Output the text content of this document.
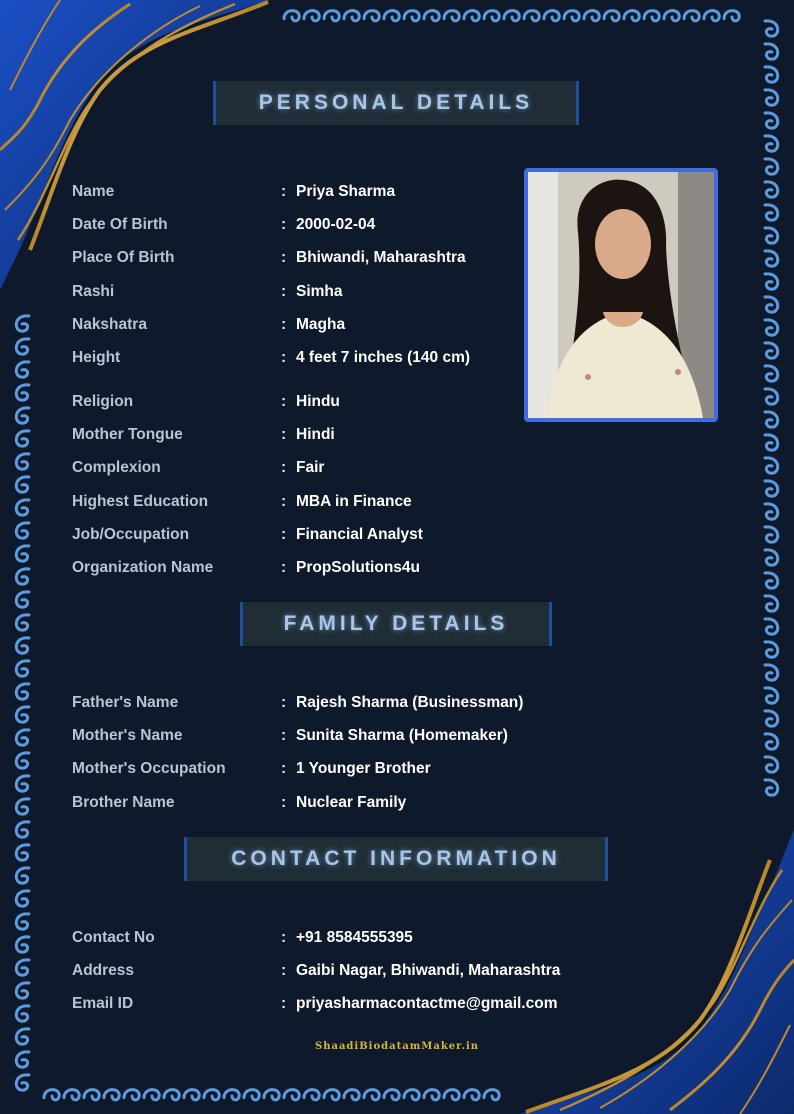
PERSONAL DETAILS
Name	: Priya Sharma
Date Of Birth	: 2000-02-04
Place Of Birth	: Bhiwandi, Maharashtra
Rashi	: Simha
Nakshatra	: Magha
Height	: 4 feet 7 inches (140 cm)
Religion	: Hindu
Mother Tongue	: Hindi
Complexion	: Fair
Highest Education	: MBA in Finance
Job/Occupation	: Financial Analyst
Organization Name	: PropSolutions4u
FAMILY DETAILS
Father's Name	: Rajesh Sharma (Businessman)
Mother's Name	: Sunita Sharma (Homemaker)
Mother's Occupation	: 1 Younger Brother
Brother Name	: Nuclear Family
CONTACT INFORMATION
Contact No	: +91 8584555395
Address	: Gaibi Nagar, Bhiwandi, Maharashtra
Email ID	: priyasharmacontactme@gmail.com
ShaadiBiodatamMaker.in
